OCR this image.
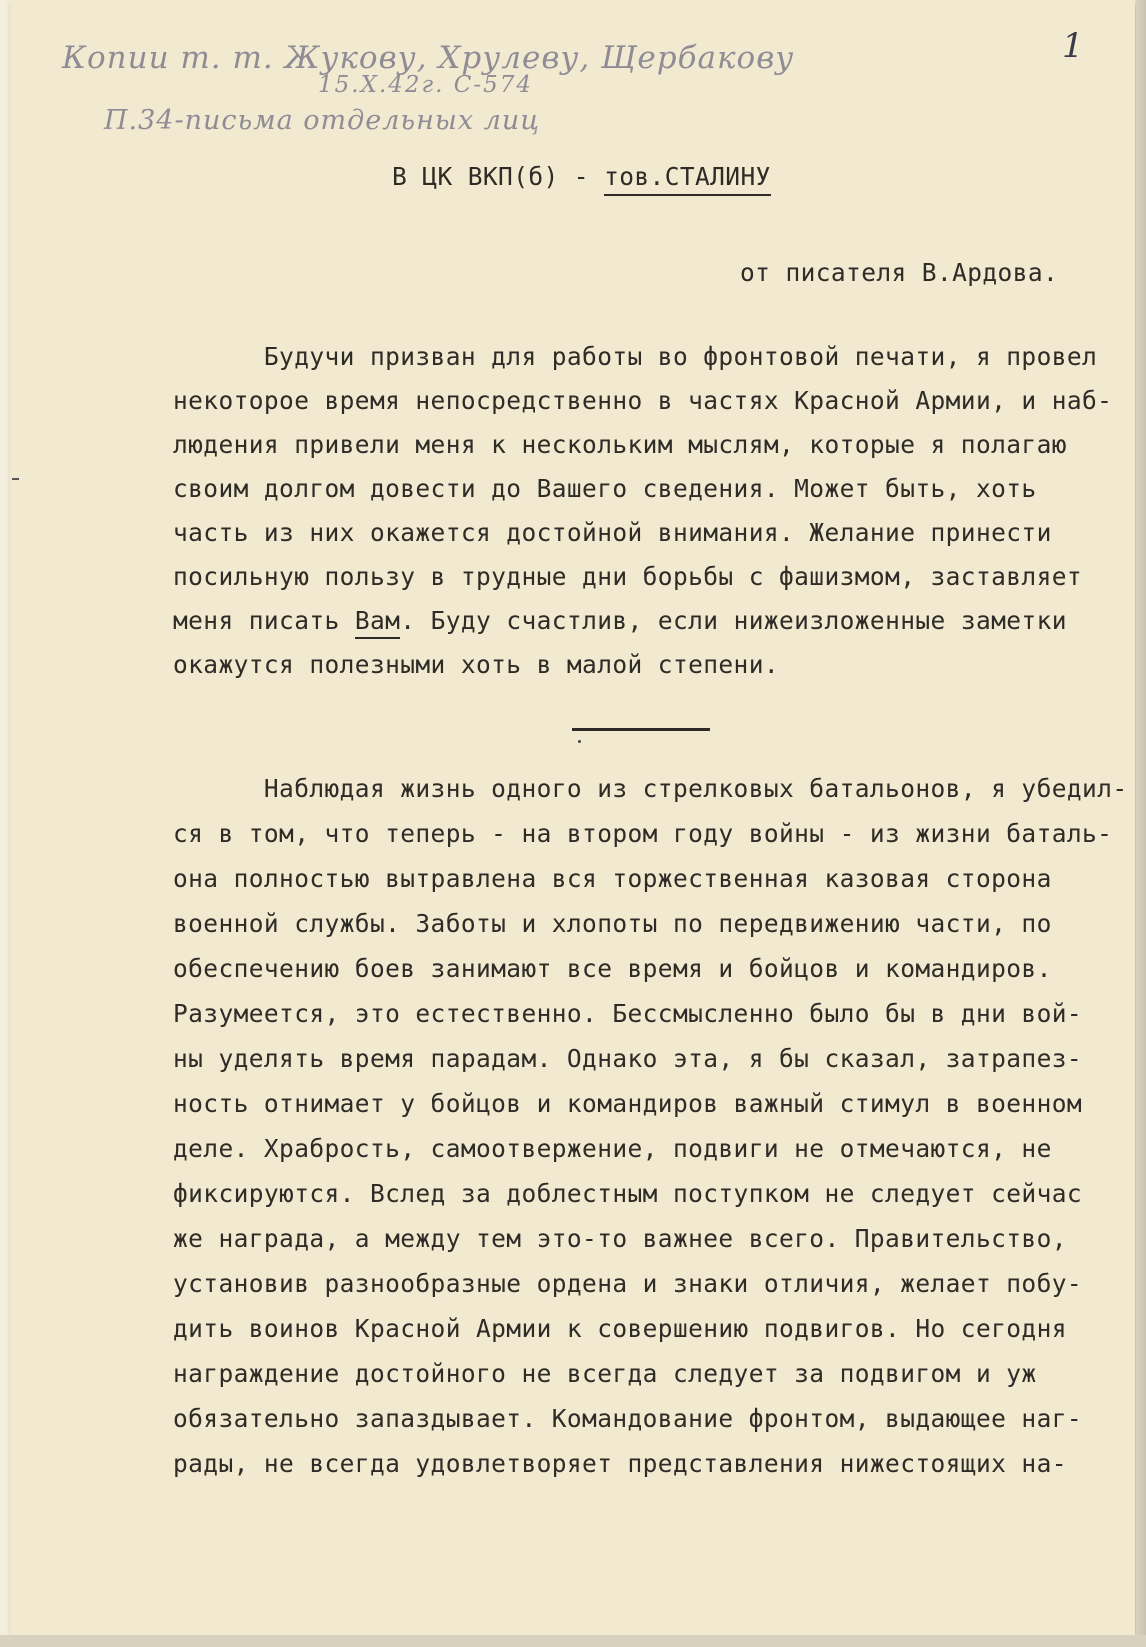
Копии т. т. Жукову, Хрулеву, Щербакову
15.X.42г. С-574
П.34-письма отдельных лиц
1
В ЦК ВКП(б) - тов.СТАЛИНУ
от писателя В.Ардова.
Будучи призван для работы во фронтовой печати, я провел
некоторое время непосредственно в частях Красной Армии, и наб-
людения привели меня к нескольким мыслям, которые я полагаю
своим долгом довести до Вашего сведения. Может быть, хоть
часть из них окажется достойной внимания. Желание принести
посильную пользу в трудные дни борьбы с фашизмом, заставляет
меня писать Вам. Буду счастлив, если нижеизложенные заметки
окажутся полезными хоть в малой степени.
Наблюдая жизнь одного из стрелковых батальонов, я убедил-
ся в том, что теперь - на втором году войны - из жизни баталь-
она полностью вытравлена вся торжественная казовая сторона
военной службы. Заботы и хлопоты по передвижению части, по
обеспечению боев занимают все время и бойцов и командиров.
Разумеется, это естественно. Бессмысленно было бы в дни вой-
ны уделять время парадам. Однако эта, я бы сказал, затрапез-
ность отнимает у бойцов и командиров важный стимул в военном
деле. Храбрость, самоотвержение, подвиги не отмечаются, не
фиксируются. Вслед за доблестным поступком не следует сейчас
же награда, а между тем это-то важнее всего. Правительство,
установив разнообразные ордена и знаки отличия, желает побу-
дить воинов Красной Армии к совершению подвигов. Но сегодня
награждение достойного не всегда следует за подвигом и уж
обязательно запаздывает. Командование фронтом, выдающее наг-
рады, не всегда удовлетворяет представления нижестоящих на-
